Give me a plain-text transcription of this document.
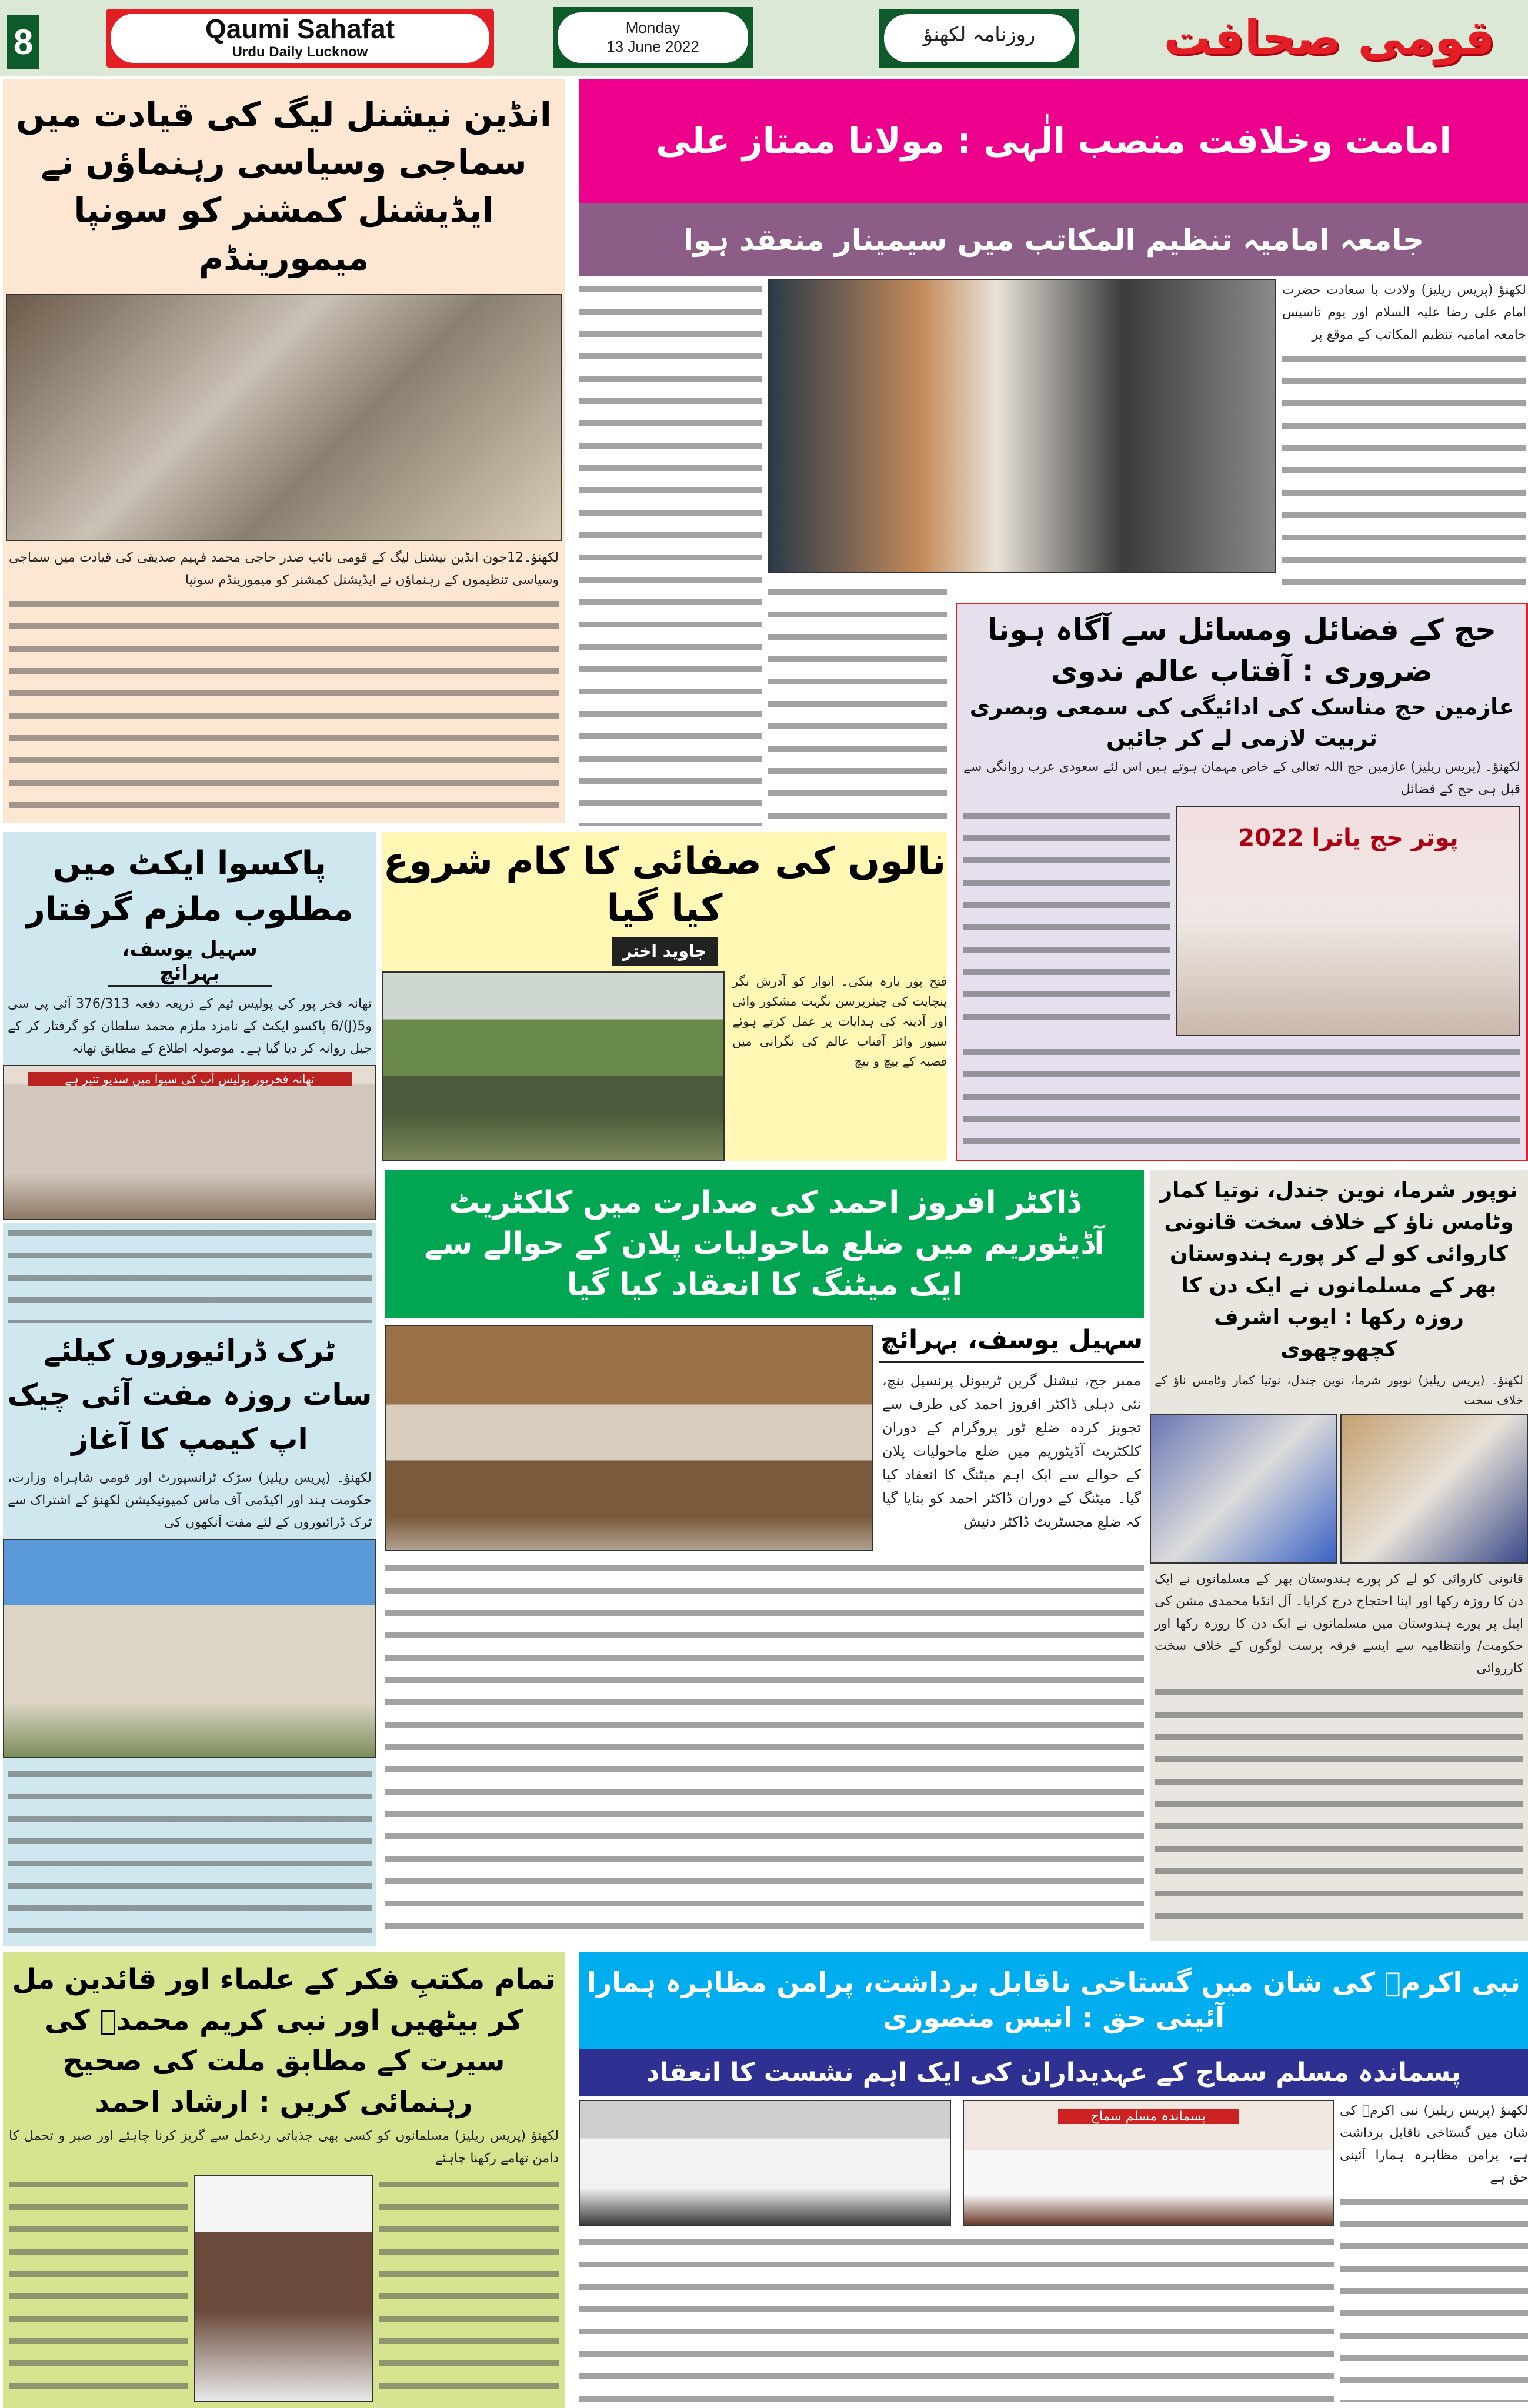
8	Qaumi Sahafat
Urdu Daily Lucknow
Monday
13 June 2022	روزنامہ لکھنؤ	قومی صحافت
انڈین نیشنل لیگ کی قیادت میں سماجی وسیاسی رہنماؤں نے ایڈیشنل کمشنر کو سونپا میمورینڈم
لکھنؤ۔12جون انڈین نیشنل لیگ کے قومی نائب صدر حاجی محمد فہیم صدیقی کی قیادت میں سماجی وسیاسی تنظیموں کے رہنماؤں نے ایڈیشنل کمشنر کو میمورینڈم سونپا
امامت وخلافت منصب الٰہی : مولانا ممتاز علی
جامعہ امامیہ تنظیم المکاتب میں سیمینار منعقد ہوا
لکھنؤ (پریس ریلیز) ولادت با سعادت حضرت امام علی رضا علیہ السلام اور یوم تاسیس جامعہ امامیہ تنظیم المکاتب کے موقع پر
حج کے فضائل ومسائل سے آگاہ ہونا ضروری : آفتاب عالم ندوی
عازمین حج مناسک کی ادائیگی کی سمعی وبصری تربیت لازمی لے کر جائیں
لکھنؤ۔ (پریس ریلیز) عازمین حج اللہ تعالی کے خاص مہمان ہوتے ہیں اس لئے سعودی عرب روانگی سے قبل ہی حج کے فضائل
پوتر حج یاترا 2022
پاکسوا ایکٹ میں مطلوب ملزم گرفتار
سہیل یوسف، بہرائچ
تھانہ فخر پور کی پولیس ٹیم کے ذریعہ دفعہ 376/313 آئی پی سی و5(J)/6 پاکسو ایکٹ کے نامزد ملزم محمد سلطان کو گرفتار کر کے جیل روانہ کر دیا گیا ہے۔ موصولہ اطلاع کے مطابق تھانہ
تھانہ فخرپور پولیس آپ کی سیوا میں سدیو تتپر ہے
نالوں کی صفائی کا کام شروع کیا گیا
جاوید اختر
فتح پور بارہ بنکی۔ اتوار کو آدرش نگر پنچایت کی چیئرپرسن نگہت مشکور وائی اور آدیتہ کی ہدایات پر عمل کرتے ہوئے سیور وائز آفتاب عالم کی نگرانی میں قصبہ کے بیچ و بیچ
ٹرک ڈرائیوروں کیلئے سات روزہ مفت آئی چیک اپ کیمپ کا آغاز
لکھنؤ۔ (پریس ریلیز) سڑک ٹرانسپورٹ اور قومی شاہراہ وزارت، حکومت ہند اور اکیڈمی آف ماس کمیونیکیشن لکھنؤ کے اشتراک سے ٹرک ڈرائیوروں کے لئے مفت آنکھوں کی
ڈاکٹر افروز احمد کی صدارت میں کلکٹریٹ آڈیٹوریم میں ضلع ماحولیات پلان کے حوالے سے ایک میٹنگ کا انعقاد کیا گیا
سہیل یوسف، بہرائچ
ممبر جج، نیشنل گرین ٹریبونل پرنسپل بنچ، نئی دہلی ڈاکٹر افروز احمد کی طرف سے تجویز کردہ ضلع ٹور پروگرام کے دوران کلکٹریٹ آڈیٹوریم میں ضلع ماحولیات پلان کے حوالے سے ایک اہم میٹنگ کا انعقاد کیا گیا۔ میٹنگ کے دوران ڈاکٹر احمد کو بتایا گیا کہ ضلع مجسٹریٹ ڈاکٹر دنیش
نوپور شرما، نوین جندل، نوتیا کمار وٹامس ناؤ کے خلاف سخت قانونی کاروائی کو لے کر پورے ہندوستان بھر کے مسلمانوں نے ایک دن کا روزہ رکھا : ایوب اشرف کچھوچھوی
لکھنؤ۔ (پریس ریلیز) نوپور شرما، نوین جندل، نوتیا کمار وٹامس ناؤ کے خلاف سخت
قانونی کاروائی کو لے کر پورے ہندوستان بھر کے مسلمانوں نے ایک دن کا روزہ رکھا اور اپنا احتجاج درج کرایا۔ آل انڈیا محمدی مشن کی اپیل پر پورے ہندوستان میں مسلمانوں نے ایک دن کا روزہ رکھا اور حکومت/ وانتظامیہ سے ایسے فرقہ پرست لوگوں کے خلاف سخت کارروائی
تمام مکتبِ فکر کے علماء اور قائدین مل کر بیٹھیں اور نبی کریم محمدؐ کی سیرت کے مطابق ملت کی صحیح رہنمائی کریں : ارشاد احمد
لکھنؤ (پریس ریلیز) مسلمانوں کو کسی بھی جذباتی ردعمل سے گریز کرنا چاہئے اور صبر و تحمل کا دامن تھامے رکھنا چاہئے
نبی اکرمؐ کی شان میں گستاخی ناقابل برداشت، پرامن مظاہرہ ہمارا آئینی حق : انیس منصوری
پسماندہ مسلم سماج کے عہدیداران کی ایک اہم نشست کا انعقاد
پسماندہ مسلم سماج	لکھنؤ (پریس ریلیز) نبی اکرمؐ کی شان میں گستاخی ناقابل برداشت ہے، پرامن مظاہرہ ہمارا آئینی حق ہے
